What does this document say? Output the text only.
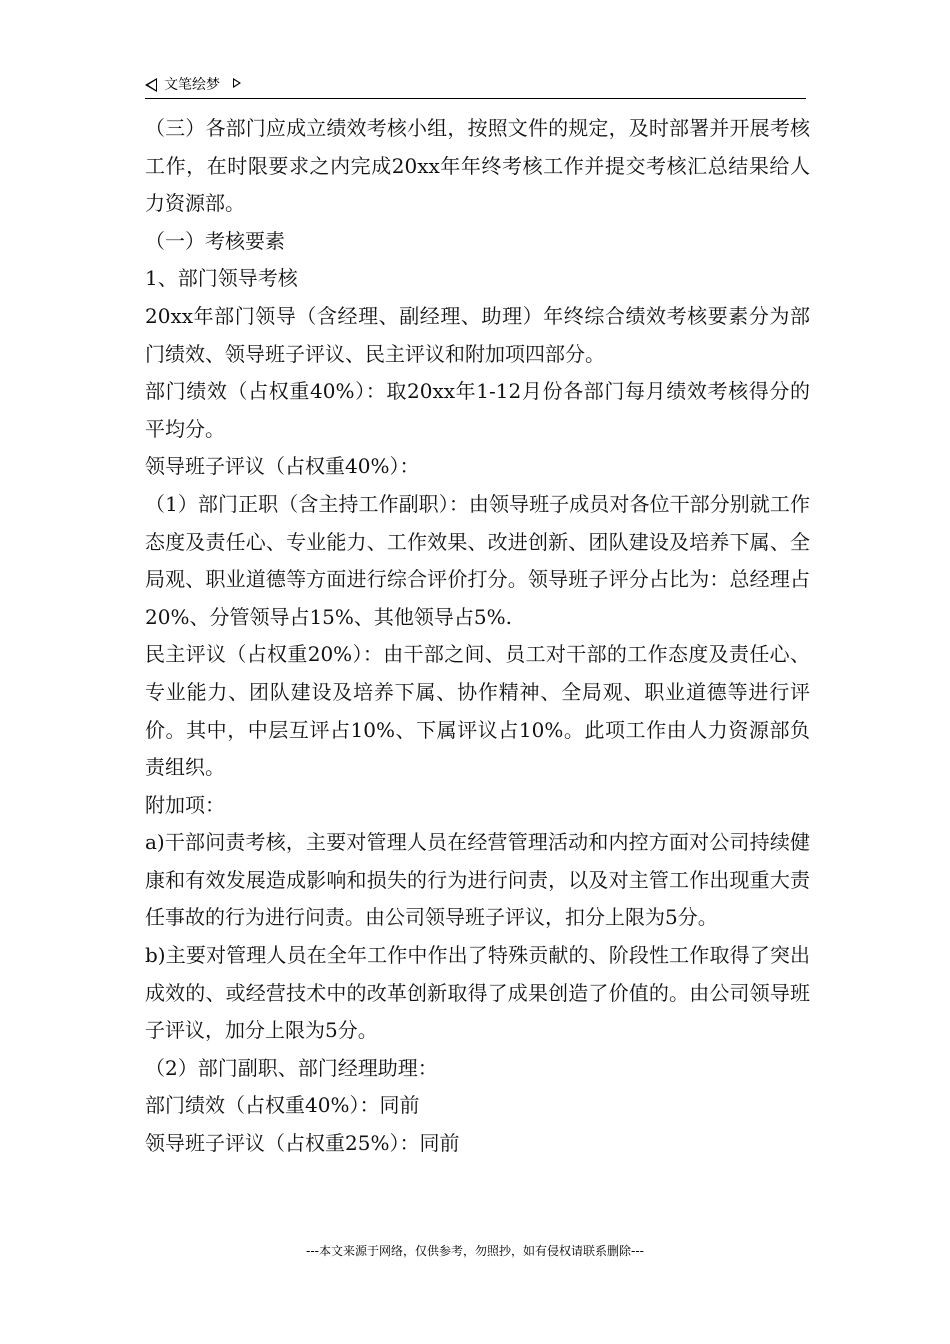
文笔绘梦

（三）各部门应成立绩效考核小组，按照文件的规定，及时部署并开展考核工作，在时限要求之内完成20xx年年终考核工作并提交考核汇总结果给人力资源部。

（一）考核要素

1、部门领导考核

20xx年部门领导（含经理、副经理、助理）年终综合绩效考核要素分为部门绩效、领导班子评议、民主评议和附加项四部分。

部门绩效（占权重40%）：取20xx年1-12月份各部门每月绩效考核得分的平均分。

领导班子评议（占权重40%）：

（1）部门正职（含主持工作副职）：由领导班子成员对各位干部分别就工作态度及责任心、专业能力、工作效果、改进创新、团队建设及培养下属、全局观、职业道德等方面进行综合评价打分。领导班子评分占比为：总经理占20%、分管领导占15%、其他领导占5%.

民主评议（占权重20%）：由干部之间、员工对干部的工作态度及责任心、专业能力、团队建设及培养下属、协作精神、全局观、职业道德等进行评价。其中，中层互评占10%、下属评议占10%。此项工作由人力资源部负责组织。

附加项：

a)干部问责考核，主要对管理人员在经营管理活动和内控方面对公司持续健康和有效发展造成影响和损失的行为进行问责，以及对主管工作出现重大责任事故的行为进行问责。由公司领导班子评议，扣分上限为5分。

b)主要对管理人员在全年工作中作出了特殊贡献的、阶段性工作取得了突出成效的、或经营技术中的改革创新取得了成果创造了价值的。由公司领导班子评议，加分上限为5分。

（2）部门副职、部门经理助理：

部门绩效（占权重40%）：同前

领导班子评议（占权重25%）：同前

---本文来源于网络，仅供参考，勿照抄，如有侵权请联系删除---
